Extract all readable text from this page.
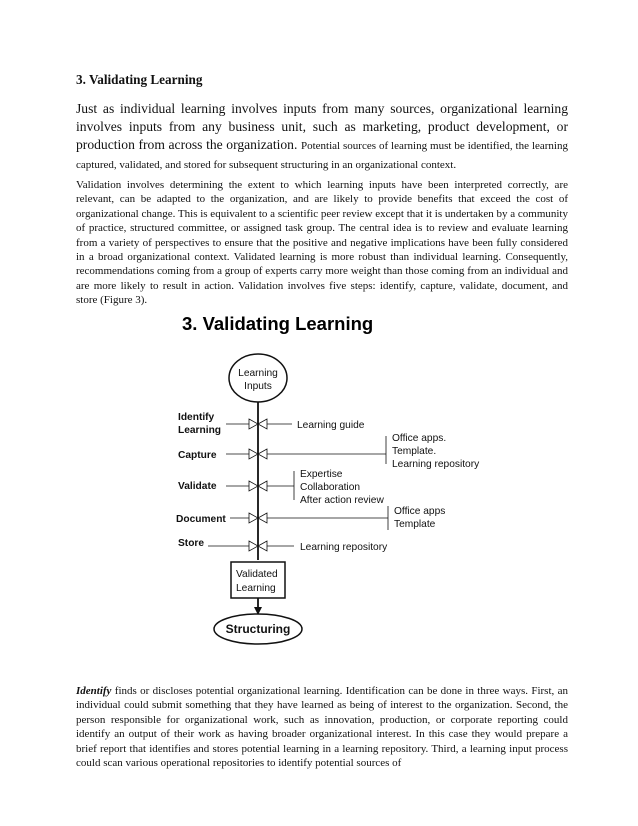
3. Validating Learning
Just as individual learning involves inputs from many sources, organizational learning involves inputs from any business unit, such as marketing, product development, or production from across the organization. Potential sources of learning must be identified, the learning captured, validated, and stored for subsequent structuring in an organizational context.
Validation involves determining the extent to which learning inputs have been interpreted correctly, are relevant, can be adapted to the organization, and are likely to provide benefits that exceed the cost of organizational change. This is equivalent to a scientific peer review except that it is undertaken by a community of practice, structured committee, or assigned task group. The central idea is to review and evaluate learning from a variety of perspectives to ensure that the positive and negative implications have been fully considered in a broad organizational context. Validated learning is more robust than individual learning. Consequently, recommendations coming from a group of experts carry more weight than those coming from an individual and are more likely to result in action. Validation involves five steps: identify, capture, validate, document, and store (Figure 3).
3. Validating Learning
Learning
Inputs
Identify
Learning	Learning guide
Capture
Office apps.
Template.
Learning repository
Validate
Expertise
Collaboration
After action review
Document
Office apps
Template
Store	Learning repository
Validated
Learning
Structuring
Identify finds or discloses potential organizational learning. Identification can be done in three ways. First, an individual could submit something that they have learned as being of interest to the organization. Second, the person responsible for organizational work, such as innovation, production, or corporate reporting could identify an output of their work as having broader organizational interest. In this case they would prepare a brief report that identifies and stores potential learning in a learning repository. Third, a learning input process could scan various operational repositories to identify potential sources of
